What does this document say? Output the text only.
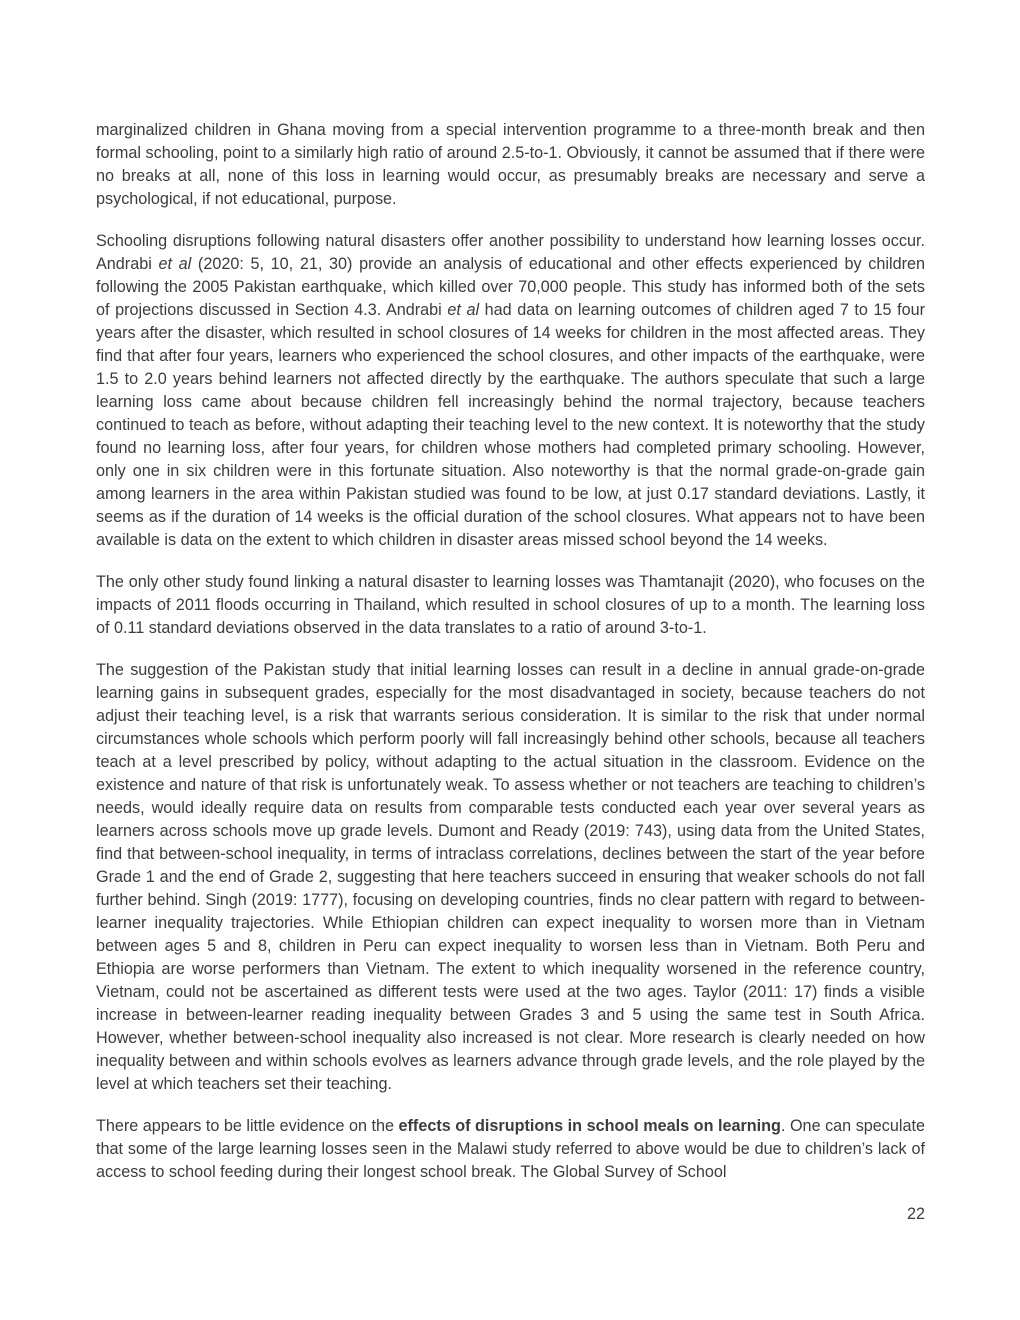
marginalized children in Ghana moving from a special intervention programme to a three-month break and then formal schooling, point to a similarly high ratio of around 2.5-to-1. Obviously, it cannot be assumed that if there were no breaks at all, none of this loss in learning would occur, as presumably breaks are necessary and serve a psychological, if not educational, purpose.

Schooling disruptions following natural disasters offer another possibility to understand how learning losses occur. Andrabi et al (2020: 5, 10, 21, 30) provide an analysis of educational and other effects experienced by children following the 2005 Pakistan earthquake, which killed over 70,000 people. This study has informed both of the sets of projections discussed in Section 4.3. Andrabi et al had data on learning outcomes of children aged 7 to 15 four years after the disaster, which resulted in school closures of 14 weeks for children in the most affected areas. They find that after four years, learners who experienced the school closures, and other impacts of the earthquake, were 1.5 to 2.0 years behind learners not affected directly by the earthquake. The authors speculate that such a large learning loss came about because children fell increasingly behind the normal trajectory, because teachers continued to teach as before, without adapting their teaching level to the new context. It is noteworthy that the study found no learning loss, after four years, for children whose mothers had completed primary schooling. However, only one in six children were in this fortunate situation. Also noteworthy is that the normal grade-on-grade gain among learners in the area within Pakistan studied was found to be low, at just 0.17 standard deviations. Lastly, it seems as if the duration of 14 weeks is the official duration of the school closures. What appears not to have been available is data on the extent to which children in disaster areas missed school beyond the 14 weeks.

The only other study found linking a natural disaster to learning losses was Thamtanajit (2020), who focuses on the impacts of 2011 floods occurring in Thailand, which resulted in school closures of up to a month. The learning loss of 0.11 standard deviations observed in the data translates to a ratio of around 3-to-1.

The suggestion of the Pakistan study that initial learning losses can result in a decline in annual grade-on-grade learning gains in subsequent grades, especially for the most disadvantaged in society, because teachers do not adjust their teaching level, is a risk that warrants serious consideration. It is similar to the risk that under normal circumstances whole schools which perform poorly will fall increasingly behind other schools, because all teachers teach at a level prescribed by policy, without adapting to the actual situation in the classroom. Evidence on the existence and nature of that risk is unfortunately weak. To assess whether or not teachers are teaching to children’s needs, would ideally require data on results from comparable tests conducted each year over several years as learners across schools move up grade levels. Dumont and Ready (2019: 743), using data from the United States, find that between-school inequality, in terms of intraclass correlations, declines between the start of the year before Grade 1 and the end of Grade 2, suggesting that here teachers succeed in ensuring that weaker schools do not fall further behind. Singh (2019: 1777), focusing on developing countries, finds no clear pattern with regard to between-learner inequality trajectories. While Ethiopian children can expect inequality to worsen more than in Vietnam between ages 5 and 8, children in Peru can expect inequality to worsen less than in Vietnam. Both Peru and Ethiopia are worse performers than Vietnam. The extent to which inequality worsened in the reference country, Vietnam, could not be ascertained as different tests were used at the two ages. Taylor (2011: 17) finds a visible increase in between-learner reading inequality between Grades 3 and 5 using the same test in South Africa. However, whether between-school inequality also increased is not clear. More research is clearly needed on how inequality between and within schools evolves as learners advance through grade levels, and the role played by the level at which teachers set their teaching.

There appears to be little evidence on the effects of disruptions in school meals on learning. One can speculate that some of the large learning losses seen in the Malawi study referred to above would be due to children’s lack of access to school feeding during their longest school break. The Global Survey of School

22
